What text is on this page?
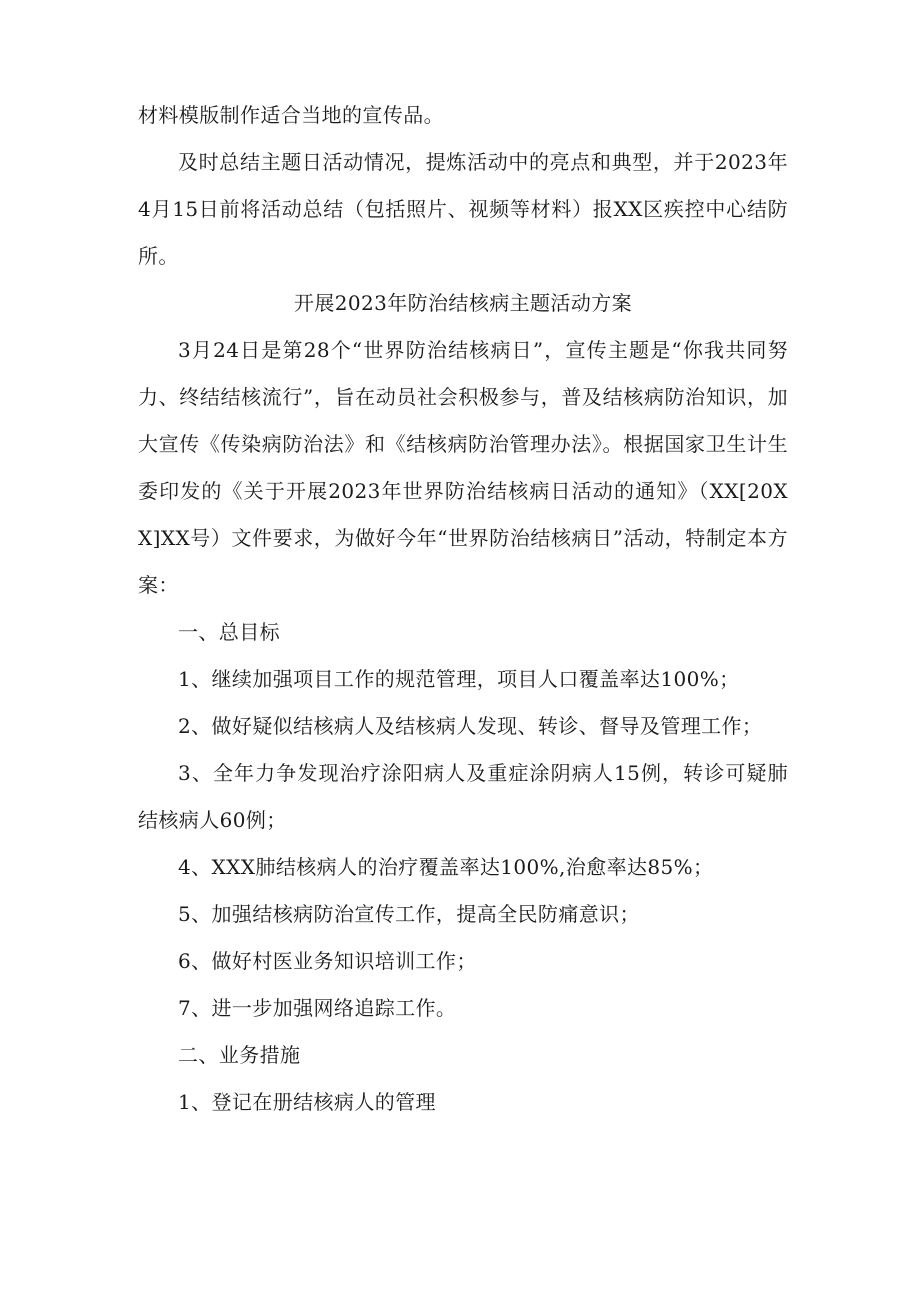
材料模版制作适合当地的宣传品。

及时总结主题日活动情况，提炼活动中的亮点和典型，并于2023年4月15日前将活动总结（包括照片、视频等材料）报XX区疾控中心结防所。

开展2023年防治结核病主题活动方案

3月24日是第28个“世界防治结核病日”，宣传主题是“你我共同努力、终结结核流行”，旨在动员社会积极参与，普及结核病防治知识，加大宣传《传染病防治法》和《结核病防治管理办法》。根据国家卫生计生委印发的《关于开展2023年世界防治结核病日活动的通知》（XX[20XX]XX号）文件要求，为做好今年“世界防治结核病日”活动，特制定本方案：

一、总目标

1、继续加强项目工作的规范管理，项目人口覆盖率达100%；

2、做好疑似结核病人及结核病人发现、转诊、督导及管理工作；

3、全年力争发现治疗涂阳病人及重症涂阴病人15例，转诊可疑肺结核病人60例；

4、XXX肺结核病人的治疗覆盖率达100%,治愈率达85%；

5、加强结核病防治宣传工作，提高全民防痛意识；

6、做好村医业务知识培训工作；

7、进一步加强网络追踪工作。

二、业务措施

1、登记在册结核病人的管理
